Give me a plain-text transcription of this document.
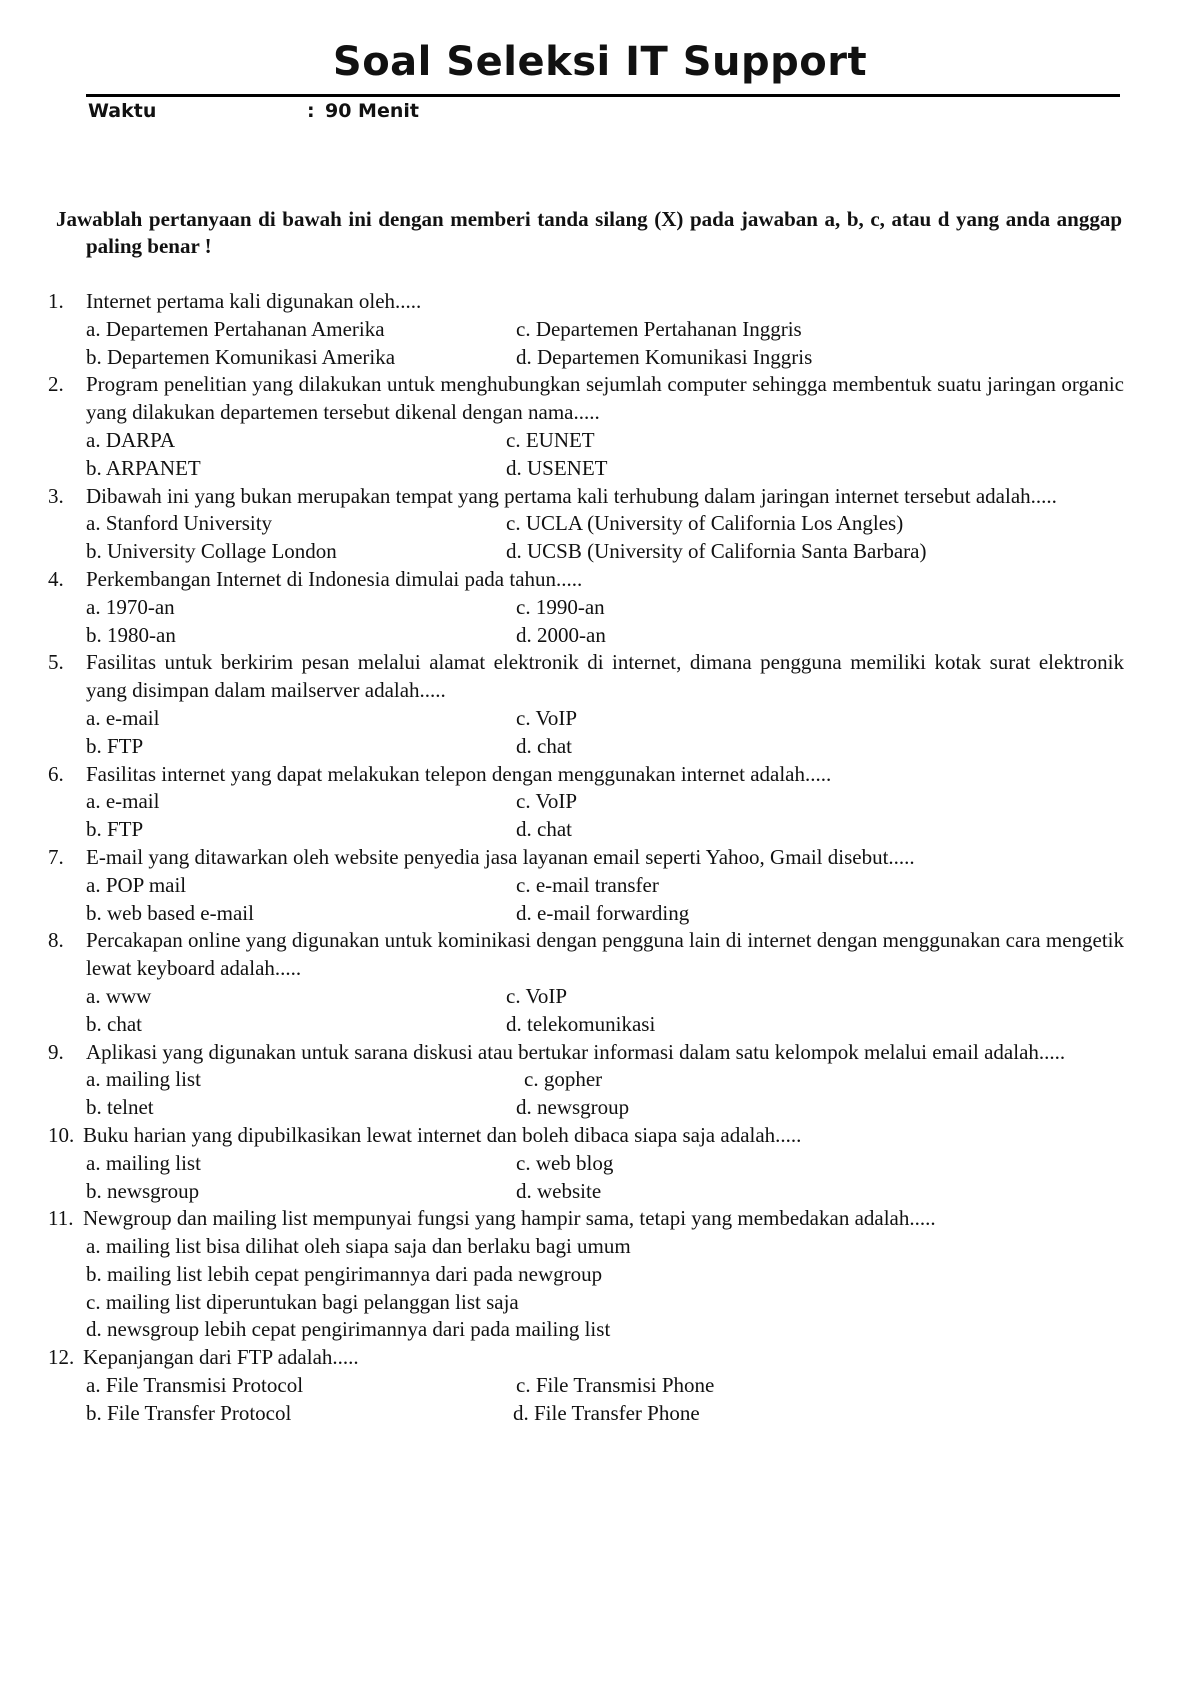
Soal Seleksi IT Support
Waktu	: 90 Menit
Jawablah pertanyaan di bawah ini dengan memberi tanda silang (X) pada jawaban a, b, c, atau d yang anda anggap paling benar !
1. Internet pertama kali digunakan oleh.....
a. Departemen Pertahanan Amerika	c. Departemen Pertahanan Inggris
b. Departemen Komunikasi Amerika	d. Departemen Komunikasi Inggris
2. Program penelitian yang dilakukan untuk menghubungkan sejumlah computer sehingga membentuk suatu jaringan organic yang dilakukan departemen tersebut dikenal dengan nama.....
a. DARPA	c. EUNET
b. ARPANET	d. USENET
3. Dibawah ini yang bukan merupakan tempat yang pertama kali terhubung dalam jaringan internet tersebut adalah.....
a. Stanford University	c. UCLA (University of California Los Angles)
b. University Collage London	d. UCSB (University of California Santa Barbara)
4. Perkembangan Internet di Indonesia dimulai pada tahun.....
a. 1970-an	c. 1990-an
b. 1980-an	d. 2000-an
5. Fasilitas untuk berkirim pesan melalui alamat elektronik di internet, dimana pengguna memiliki kotak surat elektronik yang disimpan dalam mailserver adalah.....
a. e-mail	c. VoIP
b. FTP	d. chat
6. Fasilitas internet yang dapat melakukan telepon dengan menggunakan internet adalah.....
a. e-mail	c. VoIP
b. FTP	d. chat
7. E-mail yang ditawarkan oleh website penyedia jasa layanan email seperti Yahoo, Gmail disebut.....
a. POP mail	c. e-mail transfer
b. web based e-mail	d. e-mail forwarding
8. Percakapan online yang digunakan untuk kominikasi dengan pengguna lain di internet dengan menggunakan cara mengetik lewat keyboard adalah.....
a. www	c. VoIP
b. chat	d. telekomunikasi
9. Aplikasi yang digunakan untuk sarana diskusi atau bertukar informasi dalam satu kelompok melalui email adalah.....
a. mailing list	c. gopher
b. telnet	d. newsgroup
10. Buku harian yang dipubilkasikan lewat internet dan boleh dibaca siapa saja adalah.....
a. mailing list	c. web blog
b. newsgroup	d. website
11. Newgroup dan mailing list mempunyai fungsi yang hampir sama, tetapi yang membedakan adalah.....
a. mailing list bisa dilihat oleh siapa saja dan berlaku bagi umum
b. mailing list lebih cepat pengirimannya dari pada newgroup
c. mailing list diperuntukan bagi pelanggan list saja
d. newsgroup lebih cepat pengirimannya dari pada mailing list
12. Kepanjangan dari FTP adalah.....
a. File Transmisi Protocol	c. File Transmisi Phone
b. File Transfer Protocol	d. File Transfer Phone
